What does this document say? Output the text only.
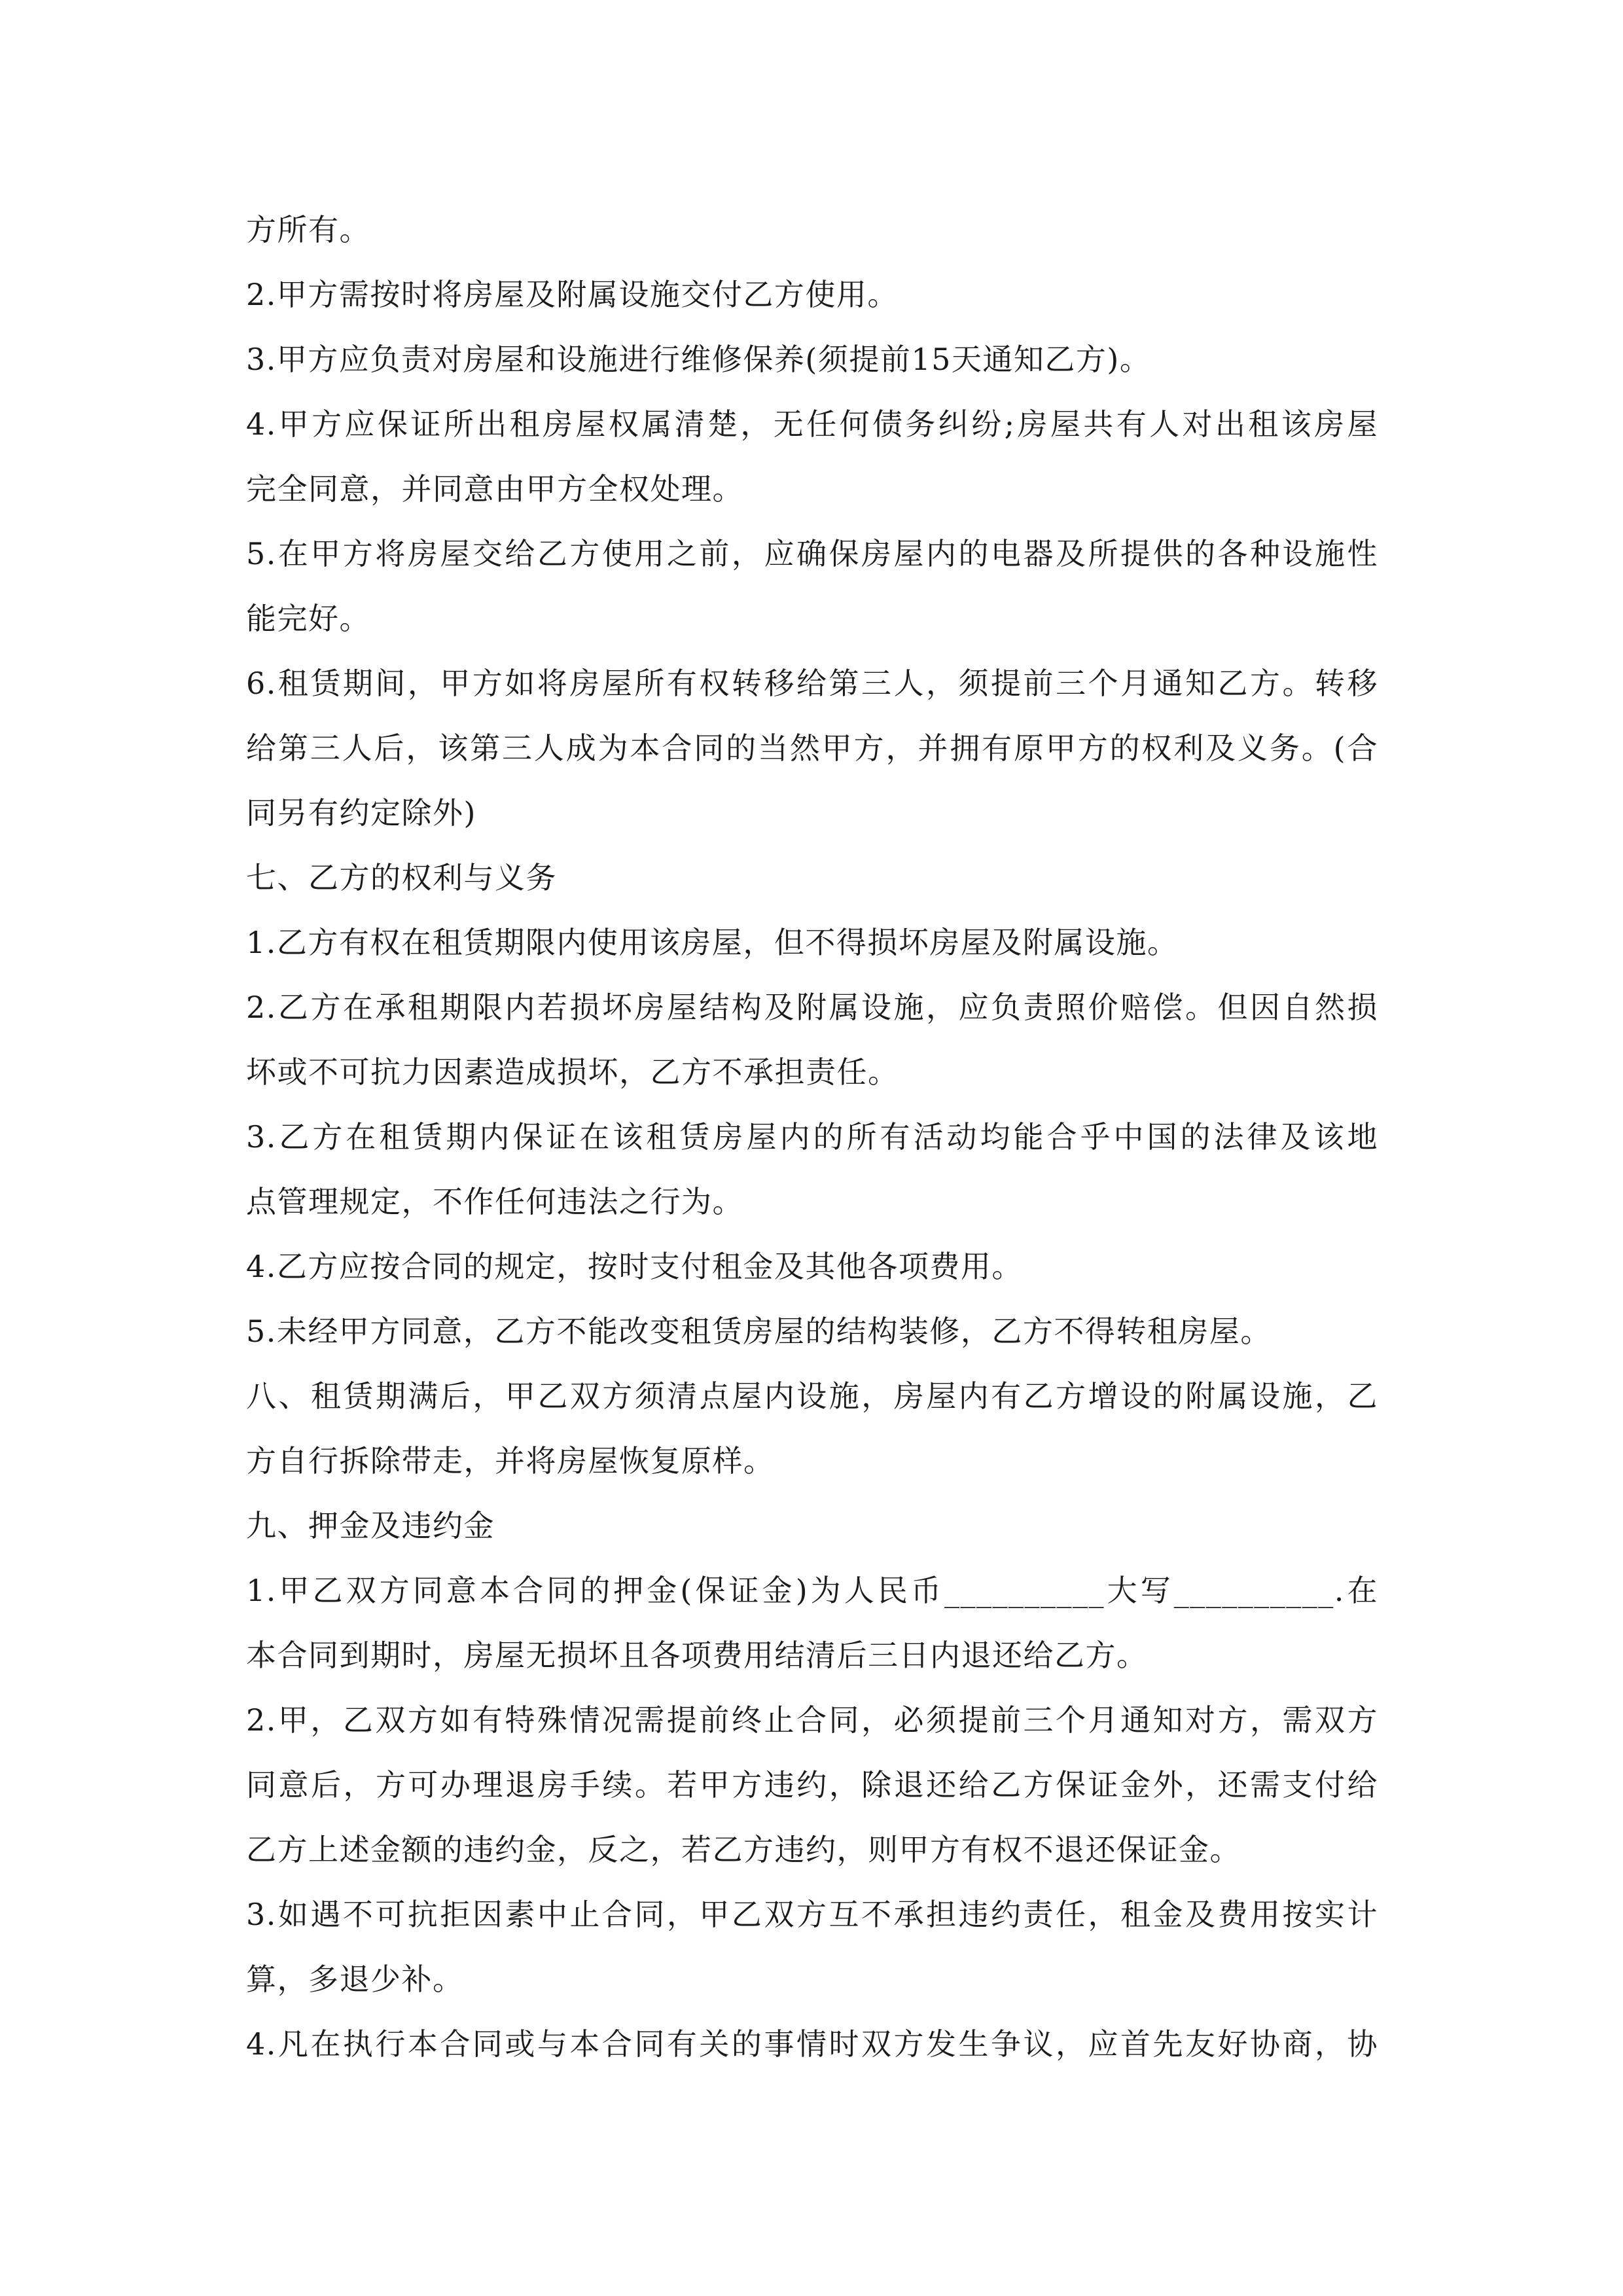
方所有。
2.甲方需按时将房屋及附属设施交付乙方使用。
3.甲方应负责对房屋和设施进行维修保养(须提前15天通知乙方)。
4.甲方应保证所出租房屋权属清楚，无任何债务纠纷;房屋共有人对出租该房屋
完全同意，并同意由甲方全权处理。
5.在甲方将房屋交给乙方使用之前，应确保房屋内的电器及所提供的各种设施性
能完好。
6.租赁期间，甲方如将房屋所有权转移给第三人，须提前三个月通知乙方。转移
给第三人后，该第三人成为本合同的当然甲方，并拥有原甲方的权利及义务。(合
同另有约定除外)
七、乙方的权利与义务
1.乙方有权在租赁期限内使用该房屋，但不得损坏房屋及附属设施。
2.乙方在承租期限内若损坏房屋结构及附属设施，应负责照价赔偿。但因自然损
坏或不可抗力因素造成损坏，乙方不承担责任。
3.乙方在租赁期内保证在该租赁房屋内的所有活动均能合乎中国的法律及该地
点管理规定，不作任何违法之行为。
4.乙方应按合同的规定，按时支付租金及其他各项费用。
5.未经甲方同意，乙方不能改变租赁房屋的结构装修，乙方不得转租房屋。
八、租赁期满后，甲乙双方须清点屋内设施，房屋内有乙方增设的附属设施，乙
方自行拆除带走，并将房屋恢复原样。
九、押金及违约金
1.甲乙双方同意本合同的押金(保证金)为人民币__________大写__________.在
本合同到期时，房屋无损坏且各项费用结清后三日内退还给乙方。
2.甲，乙双方如有特殊情况需提前终止合同，必须提前三个月通知对方，需双方
同意后，方可办理退房手续。若甲方违约，除退还给乙方保证金外，还需支付给
乙方上述金额的违约金，反之，若乙方违约，则甲方有权不退还保证金。
3.如遇不可抗拒因素中止合同，甲乙双方互不承担违约责任，租金及费用按实计
算，多退少补。
4.凡在执行本合同或与本合同有关的事情时双方发生争议，应首先友好协商，协
